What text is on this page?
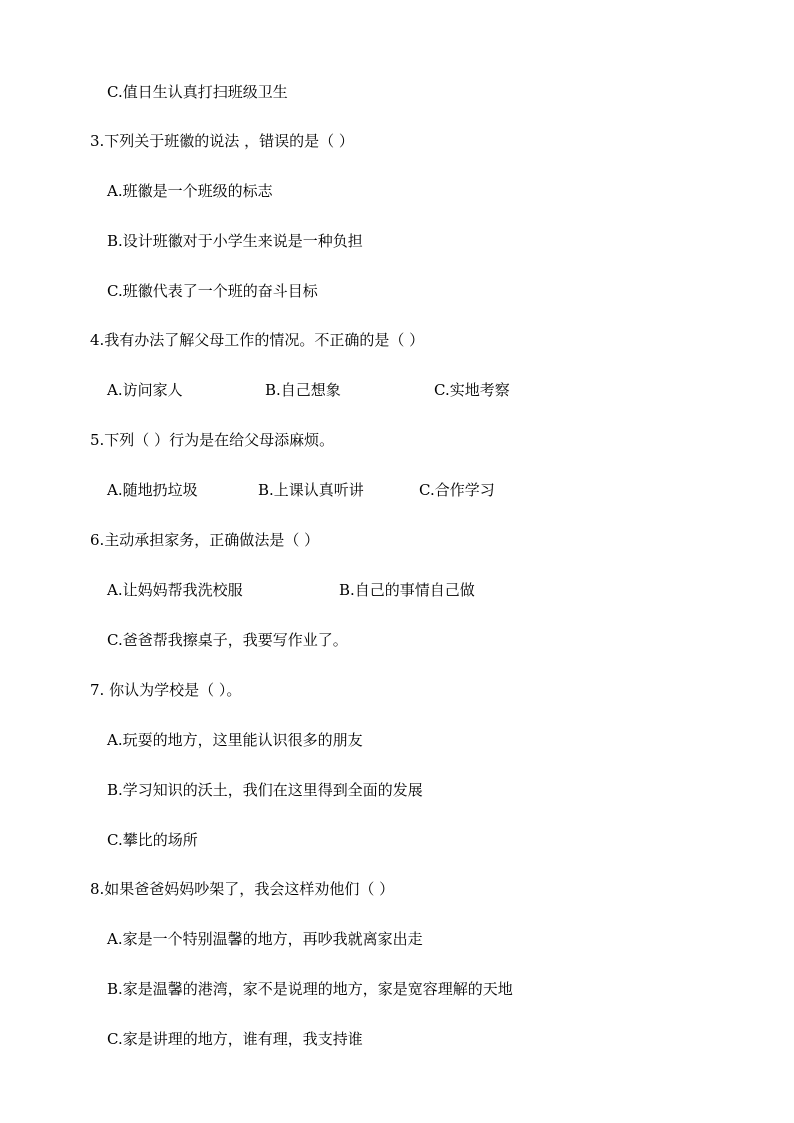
C.值日生认真打扫班级卫生
3.下列关于班徽的说法 ，错误的是（ ）
A.班徽是一个班级的标志
B.设计班徽对于小学生来说是一种负担
C.班徽代表了一个班的奋斗目标
4.我有办法了解父母工作的情况。不正确的是（ ）
A.访问家人	B.自己想象	C.实地考察
5.下列（ ）行为是在给父母添麻烦。
A.随地扔垃圾	B.上课认真听讲	C.合作学习
6.主动承担家务，正确做法是（ ）
A.让妈妈帮我洗校服	B.自己的事情自己做
C.爸爸帮我擦桌子，我要写作业了。
7. 你认为学校是（ ）。
A.玩耍的地方，这里能认识很多的朋友
B.学习知识的沃土，我们在这里得到全面的发展
C.攀比的场所
8.如果爸爸妈妈吵架了，我会这样劝他们（ ）
A.家是一个特别温馨的地方，再吵我就离家出走
B.家是温馨的港湾，家不是说理的地方，家是宽容理解的天地
C.家是讲理的地方，谁有理，我支持谁
